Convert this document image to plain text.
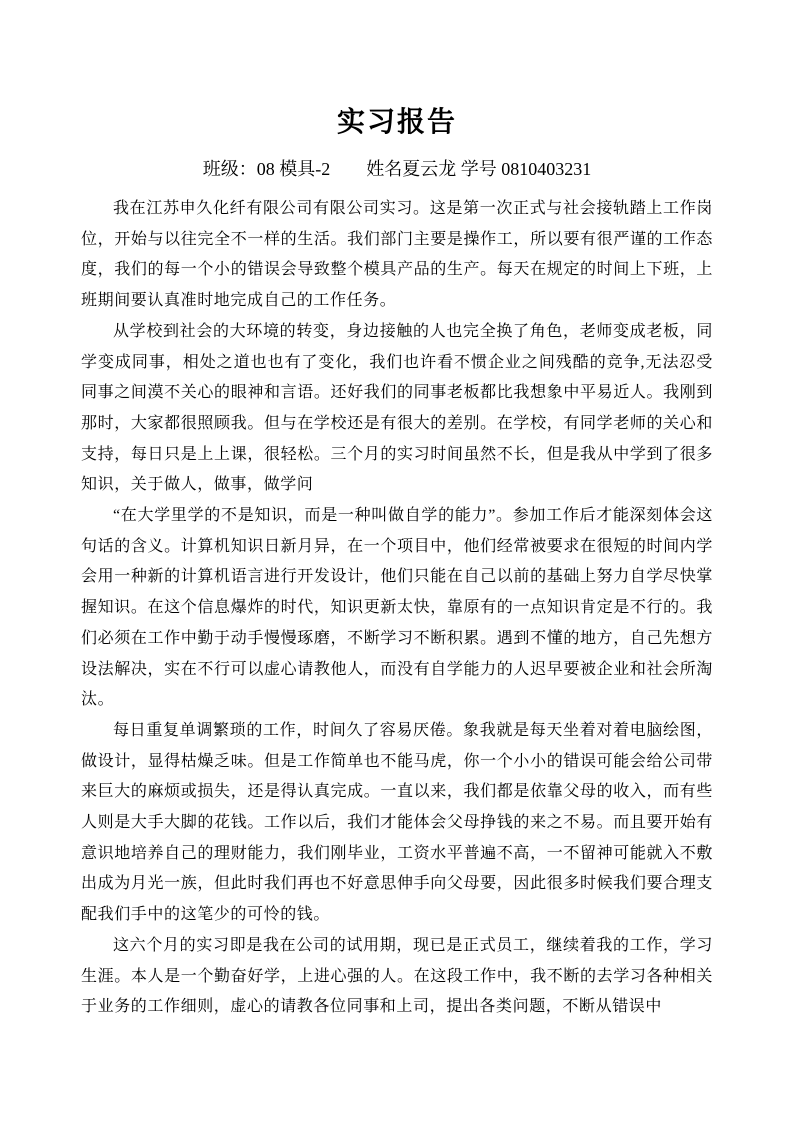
实习报告
班级：08 模具-2　　姓名夏云龙 学号 0810403231

我在江苏申久化纤有限公司有限公司实习。这是第一次正式与社会接轨踏上工作岗位，开始与以往完全不一样的生活。我们部门主要是操作工，所以要有很严谨的工作态度，我们的每一个小的错误会导致整个模具产品的生产。每天在规定的时间上下班，上班期间要认真准时地完成自己的工作任务。

从学校到社会的大环境的转变，身边接触的人也完全换了角色，老师变成老板，同学变成同事，相处之道也也有了变化，我们也许看不惯企业之间残酷的竞争,无法忍受同事之间漠不关心的眼神和言语。还好我们的同事老板都比我想象中平易近人。我刚到那时，大家都很照顾我。但与在学校还是有很大的差别。在学校，有同学老师的关心和支持，每日只是上上课，很轻松。三个月的实习时间虽然不长，但是我从中学到了很多知识，关于做人，做事，做学问

“在大学里学的不是知识，而是一种叫做自学的能力”。参加工作后才能深刻体会这句话的含义。计算机知识日新月异，在一个项目中，他们经常被要求在很短的时间内学会用一种新的计算机语言进行开发设计，他们只能在自己以前的基础上努力自学尽快掌握知识。在这个信息爆炸的时代，知识更新太快，靠原有的一点知识肯定是不行的。我们必须在工作中勤于动手慢慢琢磨，不断学习不断积累。遇到不懂的地方，自己先想方设法解决，实在不行可以虚心请教他人，而没有自学能力的人迟早要被企业和社会所淘汰。

每日重复单调繁琐的工作，时间久了容易厌倦。象我就是每天坐着对着电脑绘图，做设计，显得枯燥乏味。但是工作简单也不能马虎，你一个小小的错误可能会给公司带来巨大的麻烦或损失，还是得认真完成。一直以来，我们都是依靠父母的收入，而有些人则是大手大脚的花钱。工作以后，我们才能体会父母挣钱的来之不易。而且要开始有意识地培养自己的理财能力，我们刚毕业，工资水平普遍不高，一不留神可能就入不敷出成为月光一族，但此时我们再也不好意思伸手向父母要，因此很多时候我们要合理支配我们手中的这笔少的可怜的钱。

这六个月的实习即是我在公司的试用期，现已是正式员工，继续着我的工作，学习生涯。本人是一个勤奋好学，上进心强的人。在这段工作中，我不断的去学习各种相关于业务的工作细则，虚心的请教各位同事和上司，提出各类问题，不断从错误中
